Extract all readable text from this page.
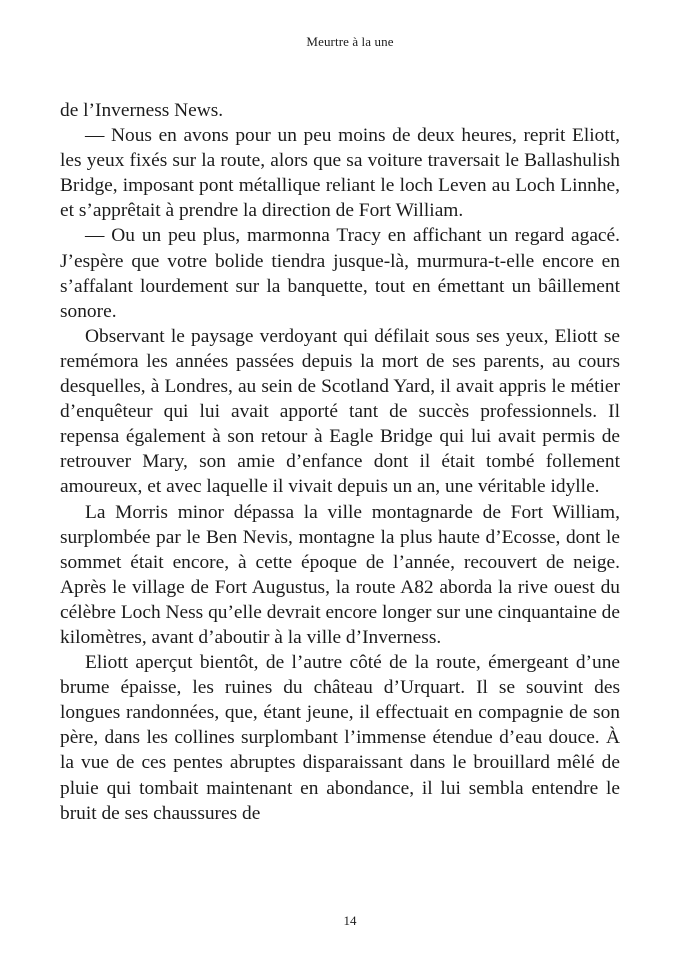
Meurtre à la une

de l’Inverness News.

— Nous en avons pour un peu moins de deux heures, reprit Eliott, les yeux fixés sur la route, alors que sa voiture traversait le Ballashulish Bridge, imposant pont métallique reliant le loch Leven au Loch Linnhe, et s’apprêtait à prendre la direction de Fort William.

— Ou un peu plus, marmonna Tracy en affichant un regard agacé. J’espère que votre bolide tiendra jusque-là, murmura-t-elle encore en s’affalant lourdement sur la banquette, tout en émettant un bâillement sonore.

Observant le paysage verdoyant qui défilait sous ses yeux, Eliott se remémora les années passées depuis la mort de ses parents, au cours desquelles, à Londres, au sein de Scotland Yard, il avait appris le métier d’enquêteur qui lui avait apporté tant de succès professionnels. Il repensa également à son retour à Eagle Bridge qui lui avait permis de retrouver Mary, son amie d’enfance dont il était tombé follement amoureux, et avec laquelle il vivait depuis un an, une véritable idylle.

La Morris minor dépassa la ville montagnarde de Fort William, surplombée par le Ben Nevis, montagne la plus haute d’Ecosse, dont le sommet était encore, à cette époque de l’année, recouvert de neige. Après le village de Fort Augustus, la route A82 aborda la rive ouest du célèbre Loch Ness qu’elle devrait encore longer sur une cinquantaine de kilomètres, avant d’aboutir à la ville d’Inverness.

Eliott aperçut bientôt, de l’autre côté de la route, émergeant d’une brume épaisse, les ruines du château d’Urquart. Il se souvint des longues randonnées, que, étant jeune, il effectuait en compagnie de son père, dans les collines surplombant l’immense étendue d’eau douce. À la vue de ces pentes abruptes disparaissant dans le brouillard mêlé de pluie qui tombait maintenant en abondance, il lui sembla entendre le bruit de ses chaussures de

14
